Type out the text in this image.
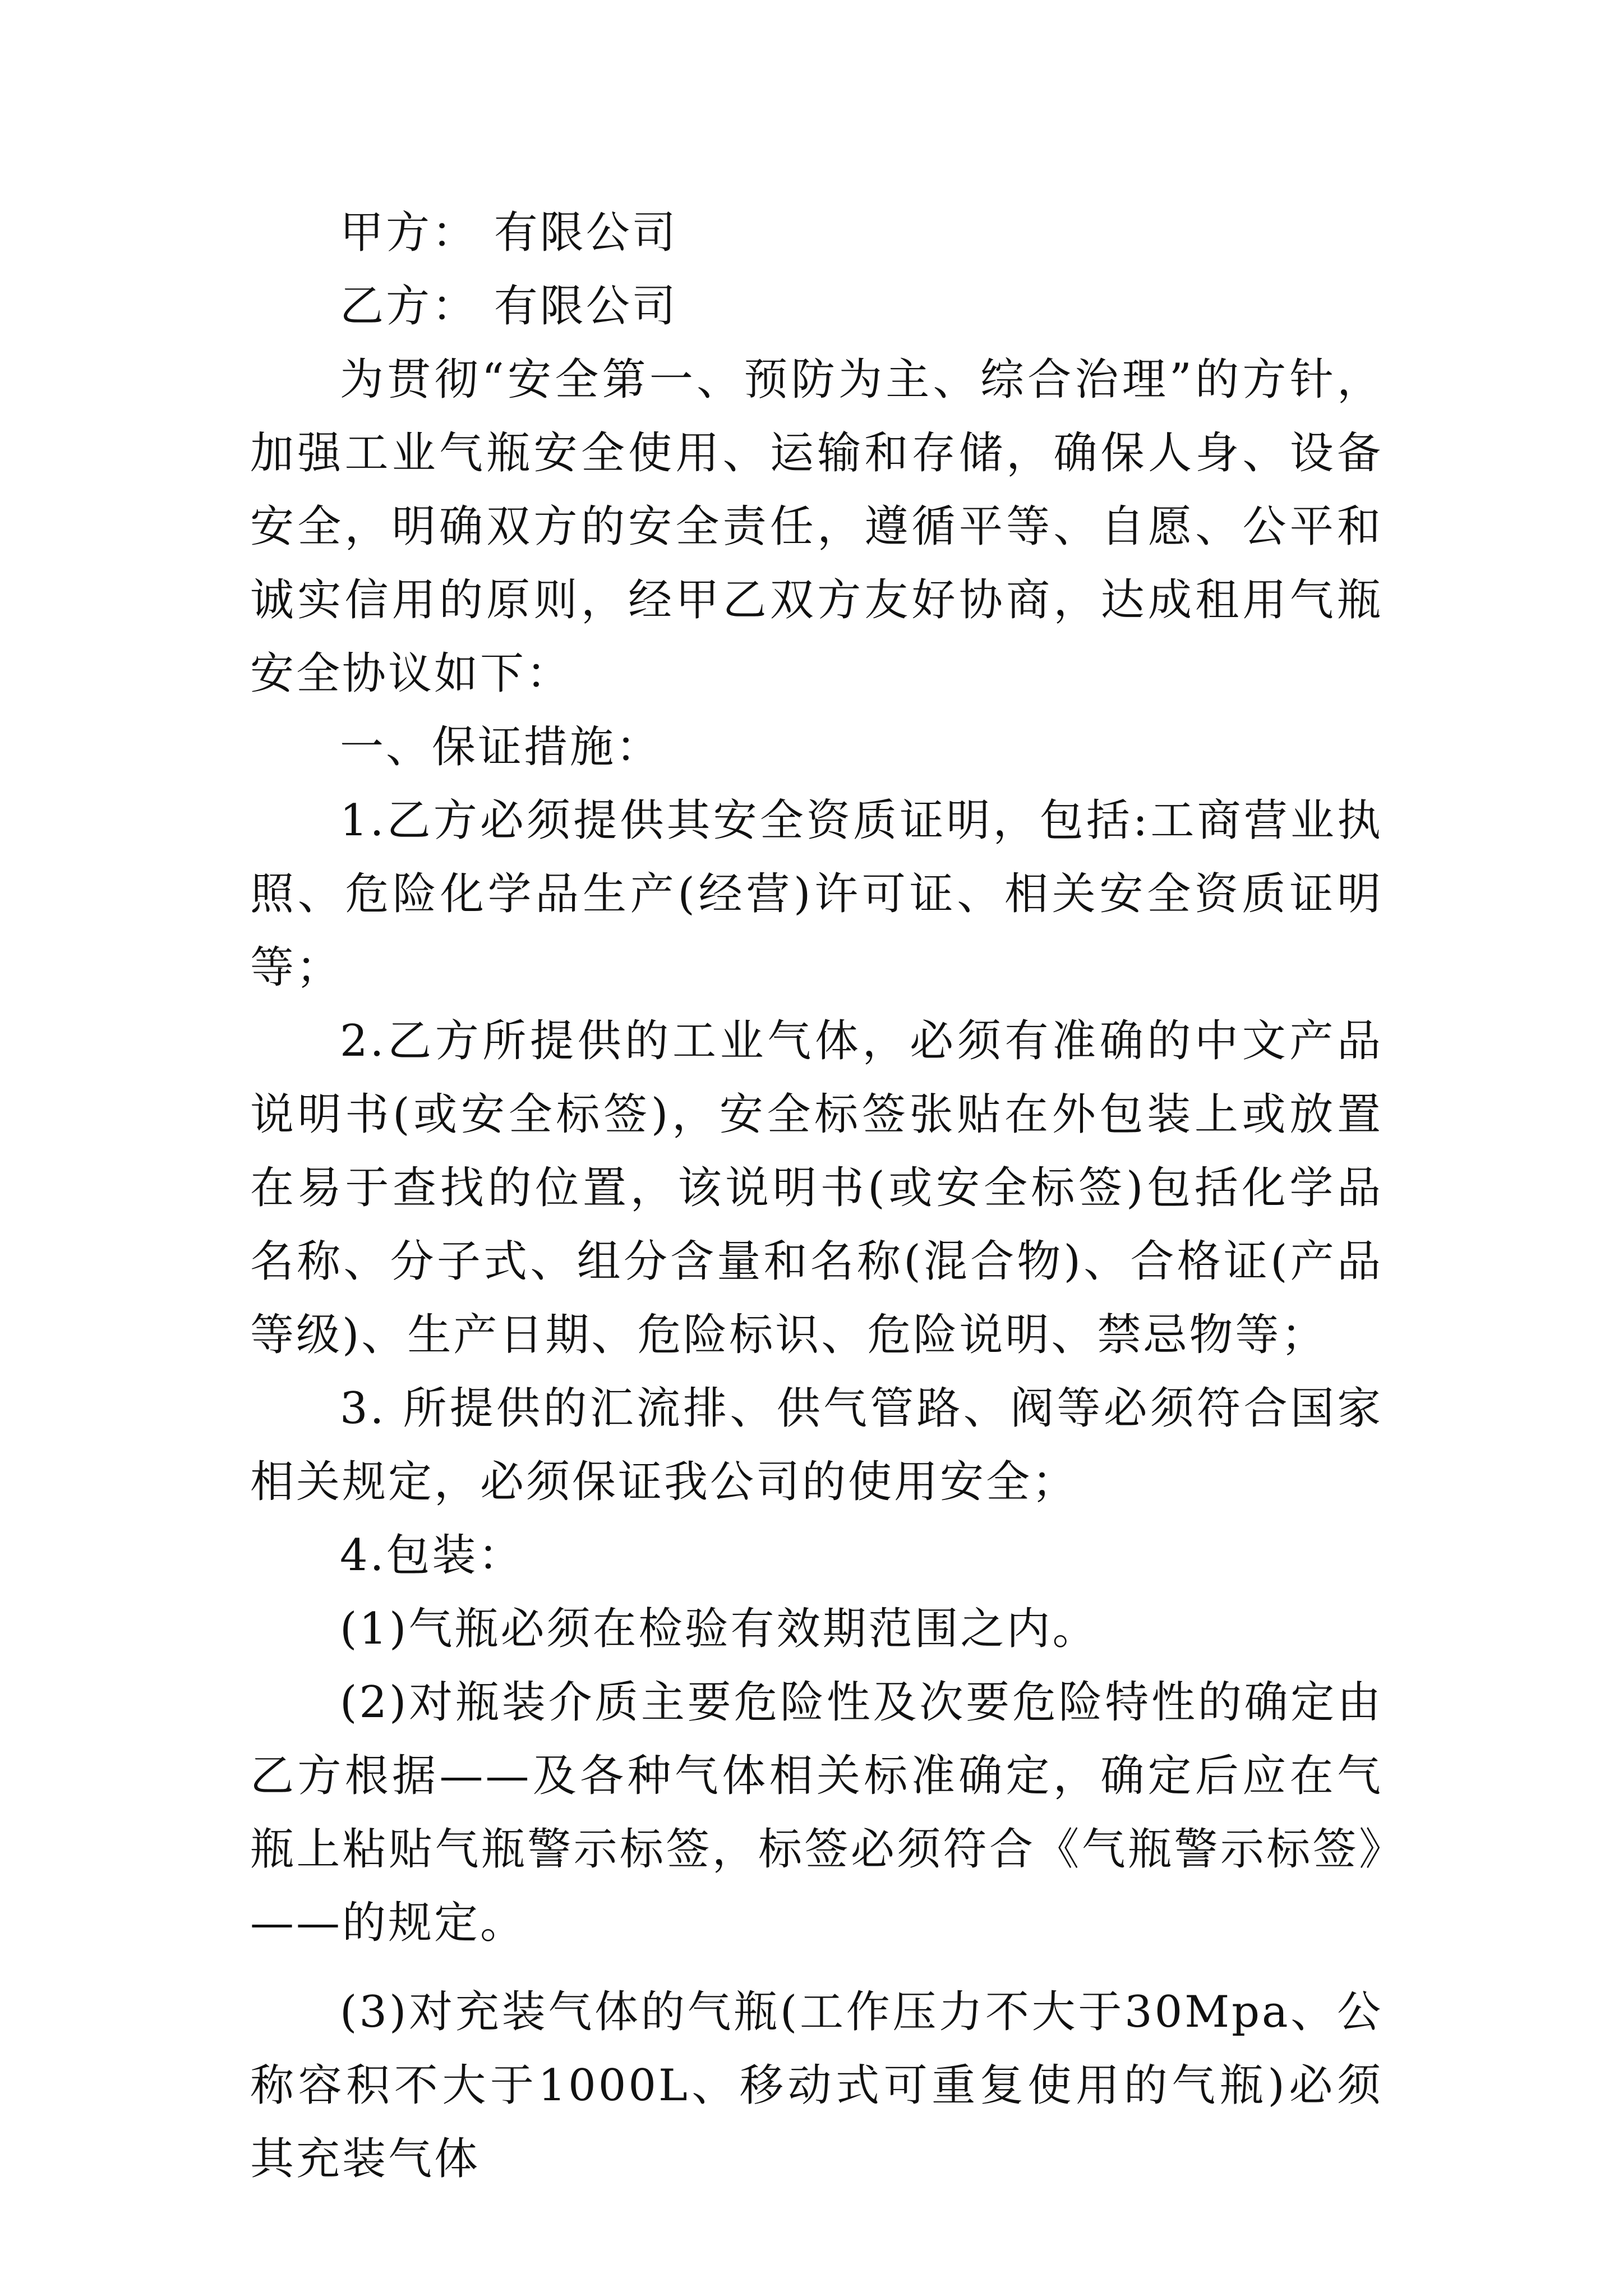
甲方： 有限公司

乙方： 有限公司

为贯彻“安全第一、预防为主、综合治理”的方针，加强工业气瓶安全使用、运输和存储，确保人身、设备安全，明确双方的安全责任，遵循平等、自愿、公平和诚实信用的原则，经甲乙双方友好协商，达成租用气瓶安全协议如下：

一、保证措施：

1.乙方必须提供其安全资质证明，包括:工商营业执照、危险化学品生产(经营)许可证、相关安全资质证明等；

2.乙方所提供的工业气体，必须有准确的中文产品说明书(或安全标签)，安全标签张贴在外包装上或放置在易于查找的位置，该说明书(或安全标签)包括化学品名称、分子式、组分含量和名称(混合物)、合格证(产品等级)、生产日期、危险标识、危险说明、禁忌物等；

3. 所提供的汇流排、供气管路、阀等必须符合国家相关规定，必须保证我公司的使用安全；

4.包装：

(1)气瓶必须在检验有效期范围之内。

(2)对瓶装介质主要危险性及次要危险特性的确定由乙方根据——及各种气体相关标准确定，确定后应在气瓶上粘贴气瓶警示标签，标签必须符合《气瓶警示标签》——的规定。

(3)对充装气体的气瓶(工作压力不大于30Mpa、公称容积不大于1000L、移动式可重复使用的气瓶)必须其充装气体
